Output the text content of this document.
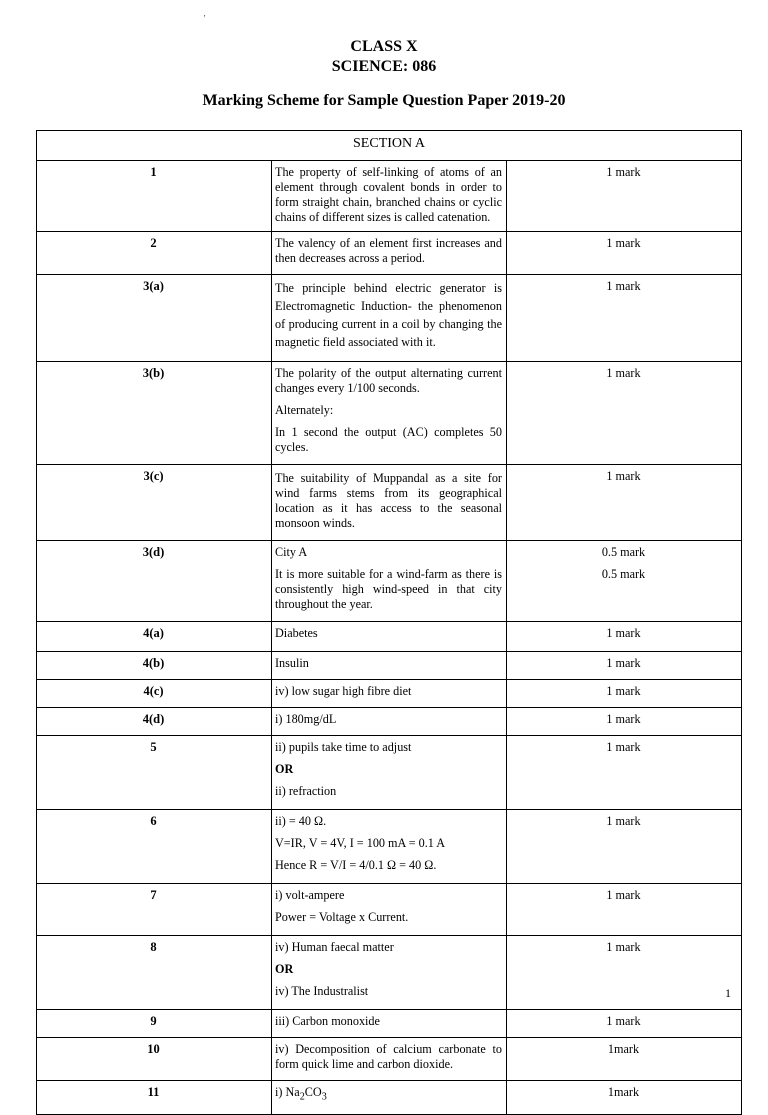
‚
CLASS X
SCIENCE: 086
Marking Scheme for Sample Question Paper 2019-20
SECTION A		
1	The property of self-linking of atoms of an element through covalent bonds in order to form straight chain, branched chains or cyclic chains of different sizes is called catenation.	1 mark

2	The valency of an element first increases and then decreases across a period.	1 mark

3(a)	The principle behind electric generator is Electromagnetic Induction- the phenomenon of producing current in a coil by changing the magnetic field associated with it.	1 mark

3(b)	The polarity of the output alternating current changes every 1/100 seconds.
Alternately:
In 1 second the output (AC) completes 50 cycles.	1 mark

3(c)	The suitability of Muppandal as a site for wind farms stems from its geographical location as it has access to the seasonal monsoon winds.	1 mark

3(d)	City A
It is more suitable for a wind-farm as there is consistently high wind-speed in that city throughout the year.	0.5 mark
0.5 mark

4(a)	Diabetes	1 mark

4(b)	Insulin	1 mark

4(c)	iv) low sugar high fibre diet	1 mark

4(d)	i) 180mg/dL	1 mark

5	ii) pupils take time to adjust
OR
ii) refraction	1 mark

6	ii) = 40 Ω.
V=IR, V = 4V, I = 100 mA = 0.1 A
Hence R = V/I = 4/0.1 Ω = 40 Ω.	1 mark

7	i) volt-ampere
Power = Voltage x Current.	1 mark

8	iv) Human faecal matter
OR
iv) The Industralist	1 mark

9	iii) Carbon monoxide	1 mark

10	iv) Decomposition of calcium carbonate to form quick lime and carbon dioxide.	1mark

11	i) $Na_2CO_3$	1mark
1
